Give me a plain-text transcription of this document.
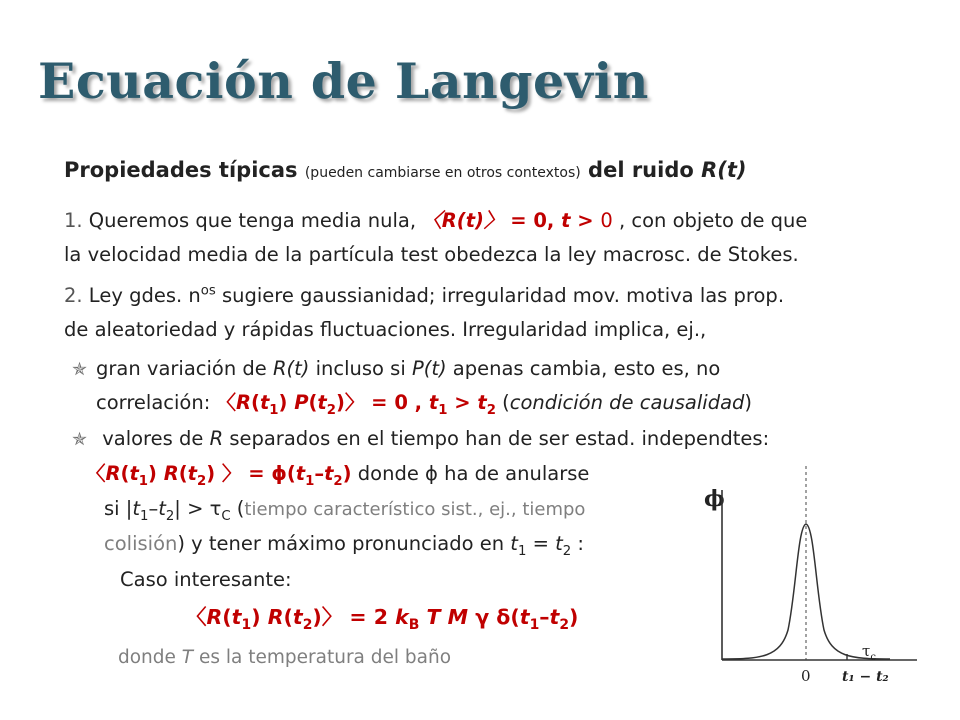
Ecuación de Langevin
Propiedades típicas (pueden cambiarse en otros contextos) del ruido R(t)
1. Queremos que tenga media nula, 〈R(t)〉 = 0, t > 0 , con objeto de que
la velocidad media de la partícula test obedezca la ley macrosc. de Stokes.
2. Ley gdes. $n^{os}$ sugiere gaussianidad; irregularidad mov. motiva las prop.
de aleatoriedad y rápidas fluctuaciones. Irregularidad implica, ej.,
✯ gran variación de R(t) incluso si P(t) apenas cambia, esto es, no
correlación: 〈$R(t_1)$ $P(t_2)$〉 = 0 , $t_1 > t_2$ (condición de causalidad)
✯ valores de R separados en el tiempo han de ser estad. independtes:
〈$R(t_1)$ $R(t_2)$ 〉 = $\phi(t_1-t_2)$ donde ϕ ha de anularse
si $|t_1-t_2| > \tau_C$ (tiempo característico sist., ej., tiempo
colisión) y tener máximo pronunciado en $t_1 = t_2$ :
Caso interesante:
〈$R(t_1)$ $R(t_2)$〉 = 2 $k_B$ T M γ $\delta(t_1-t_2)$
donde T es la temperatura del baño
ϕ
$\tau_c$
0 t₁ − t₂
